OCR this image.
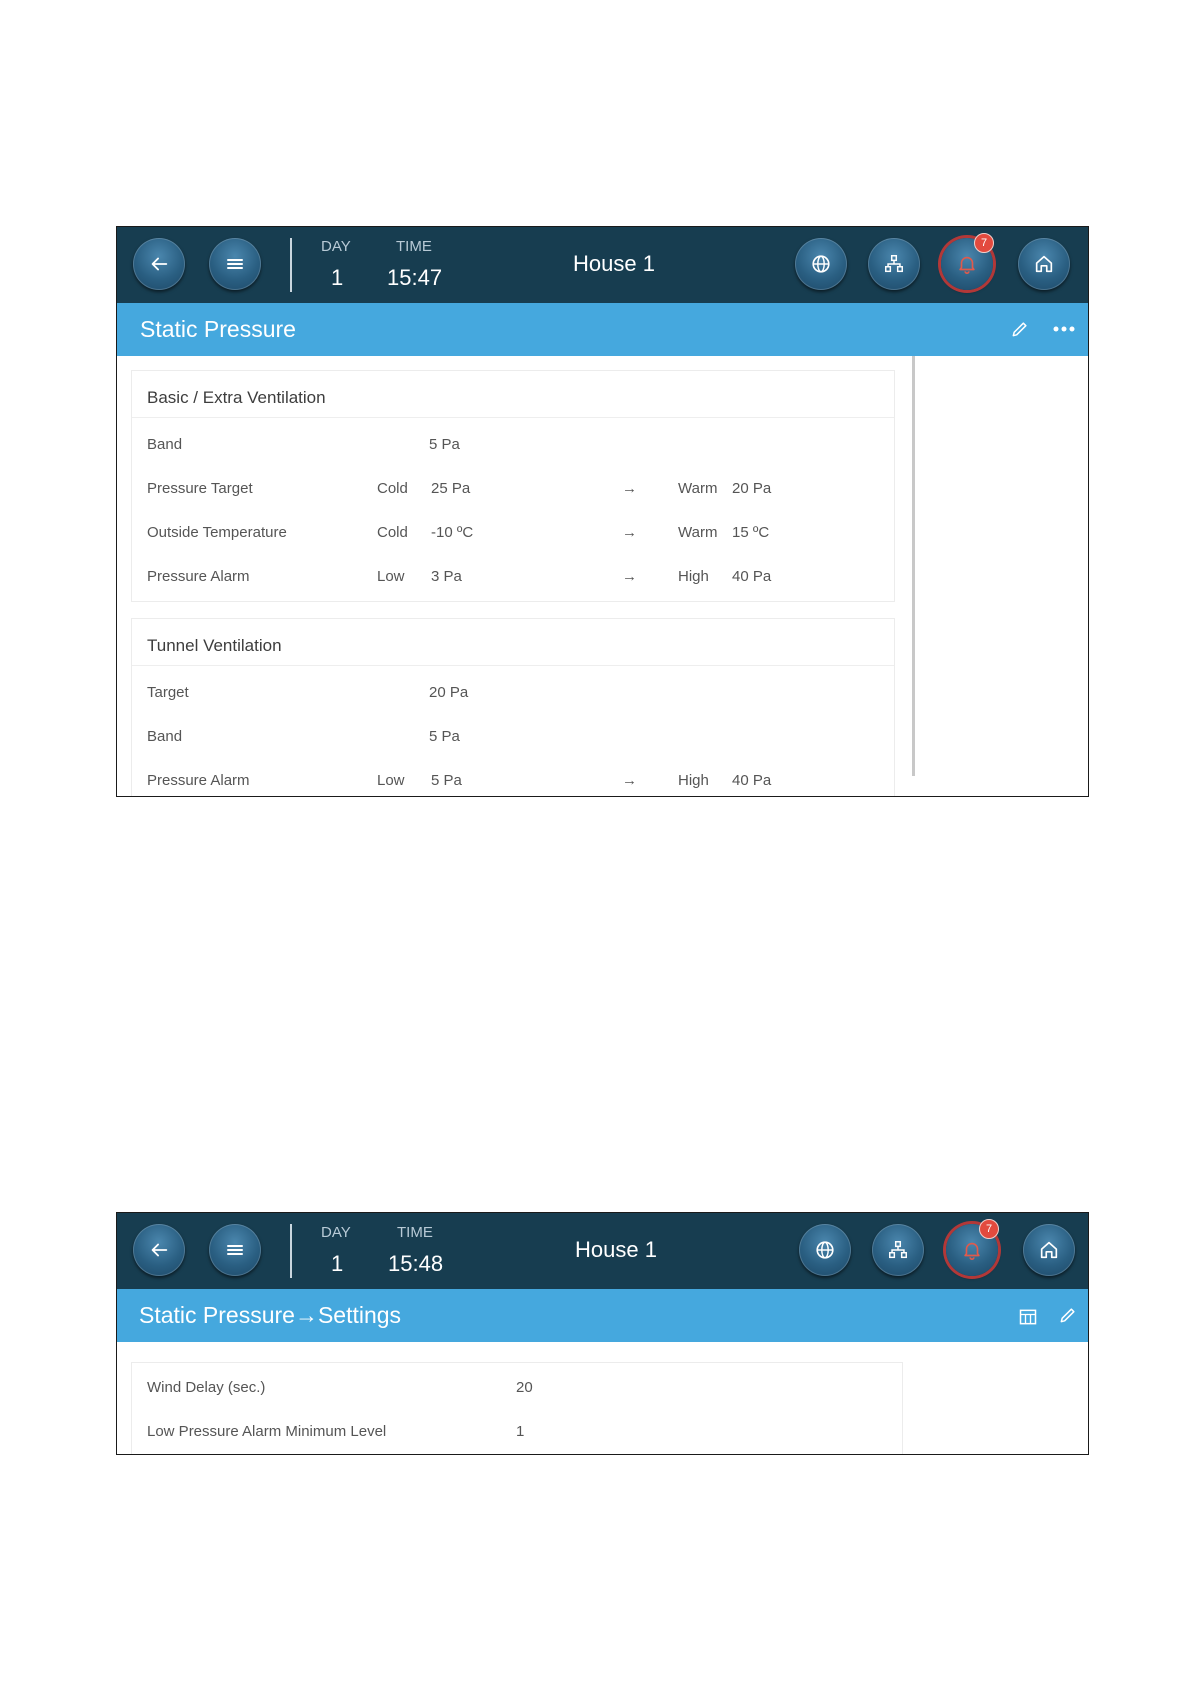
DAY
1
TIME
15:47
House 1
7
Static Pressure
Basic / Extra Ventilation
Band	5 Pa
Pressure Target	Cold 25 Pa	→	Warm 20 Pa
Outside Temperature	Cold -10 ºC	→	Warm 15 ºC
Pressure Alarm	Low 3 Pa	→	High 40 Pa
Tunnel Ventilation
Target	20 Pa
Band	5 Pa
Pressure Alarm	Low 5 Pa	→	High 40 Pa
DAY
1
TIME
15:48
House 1
7
Static Pressure→Settings
Wind Delay (sec.)	20
Low Pressure Alarm Minimum Level	1
